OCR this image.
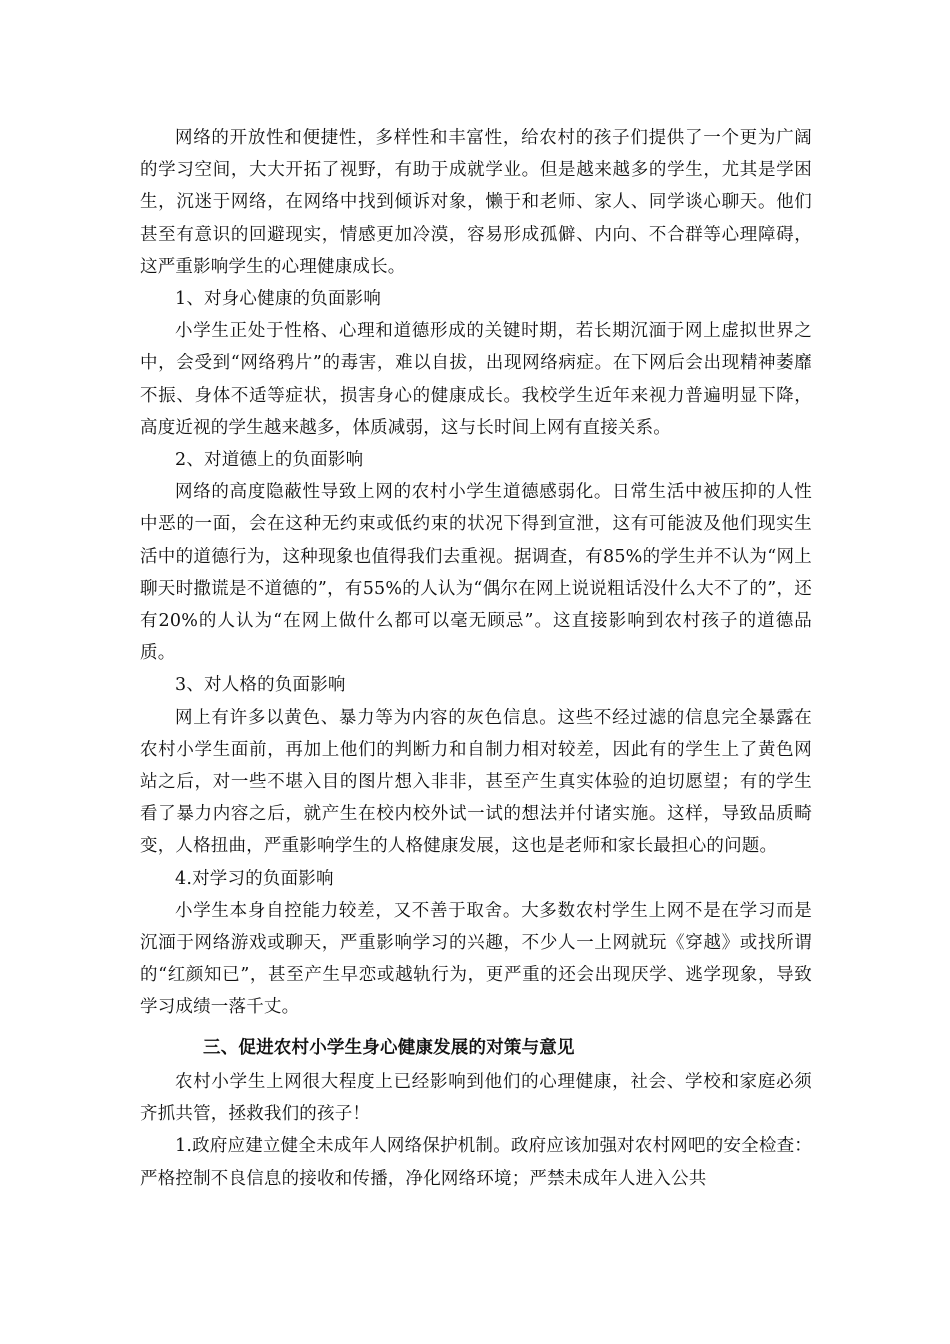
网络的开放性和便捷性，多样性和丰富性，给农村的孩子们提供了一个更为广阔的学习空间，大大开拓了视野，有助于成就学业。但是越来越多的学生，尤其是学困生，沉迷于网络，在网络中找到倾诉对象，懒于和老师、家人、同学谈心聊天。他们甚至有意识的回避现实，情感更加冷漠，容易形成孤僻、内向、不合群等心理障碍，这严重影响学生的心理健康成长。

1、对身心健康的负面影响

小学生正处于性格、心理和道德形成的关键时期，若长期沉湎于网上虚拟世界之中，会受到“网络鸦片”的毒害，难以自拔，出现网络病症。在下网后会出现精神萎靡不振、身体不适等症状，损害身心的健康成长。我校学生近年来视力普遍明显下降，高度近视的学生越来越多，体质减弱，这与长时间上网有直接关系。

2、对道德上的负面影响

网络的高度隐蔽性导致上网的农村小学生道德感弱化。日常生活中被压抑的人性中恶的一面，会在这种无约束或低约束的状况下得到宣泄，这有可能波及他们现实生活中的道德行为，这种现象也值得我们去重视。据调查，有85%的学生并不认为“网上聊天时撒谎是不道德的”，有55%的人认为“偶尔在网上说说粗话没什么大不了的”，还有20%的人认为“在网上做什么都可以毫无顾忌”。这直接影响到农村孩子的道德品质。

3、对人格的负面影响

网上有许多以黄色、暴力等为内容的灰色信息。这些不经过滤的信息完全暴露在农村小学生面前，再加上他们的判断力和自制力相对较差，因此有的学生上了黄色网站之后，对一些不堪入目的图片想入非非，甚至产生真实体验的迫切愿望；有的学生看了暴力内容之后，就产生在校内校外试一试的想法并付诸实施。这样，导致品质畸变，人格扭曲，严重影响学生的人格健康发展，这也是老师和家长最担心的问题。

4.对学习的负面影响

小学生本身自控能力较差，又不善于取舍。大多数农村学生上网不是在学习而是沉湎于网络游戏或聊天，严重影响学习的兴趣，不少人一上网就玩《穿越》或找所谓的“红颜知已”，甚至产生早恋或越轨行为，更严重的还会出现厌学、逃学现象，导致学习成绩一落千丈。

三、促进农村小学生身心健康发展的对策与意见

农村小学生上网很大程度上已经影响到他们的心理健康，社会、学校和家庭必须齐抓共管，拯救我们的孩子！

1.政府应建立健全未成年人网络保护机制。政府应该加强对农村网吧的安全检查：严格控制不良信息的接收和传播，净化网络环境；严禁未成年人进入公共
